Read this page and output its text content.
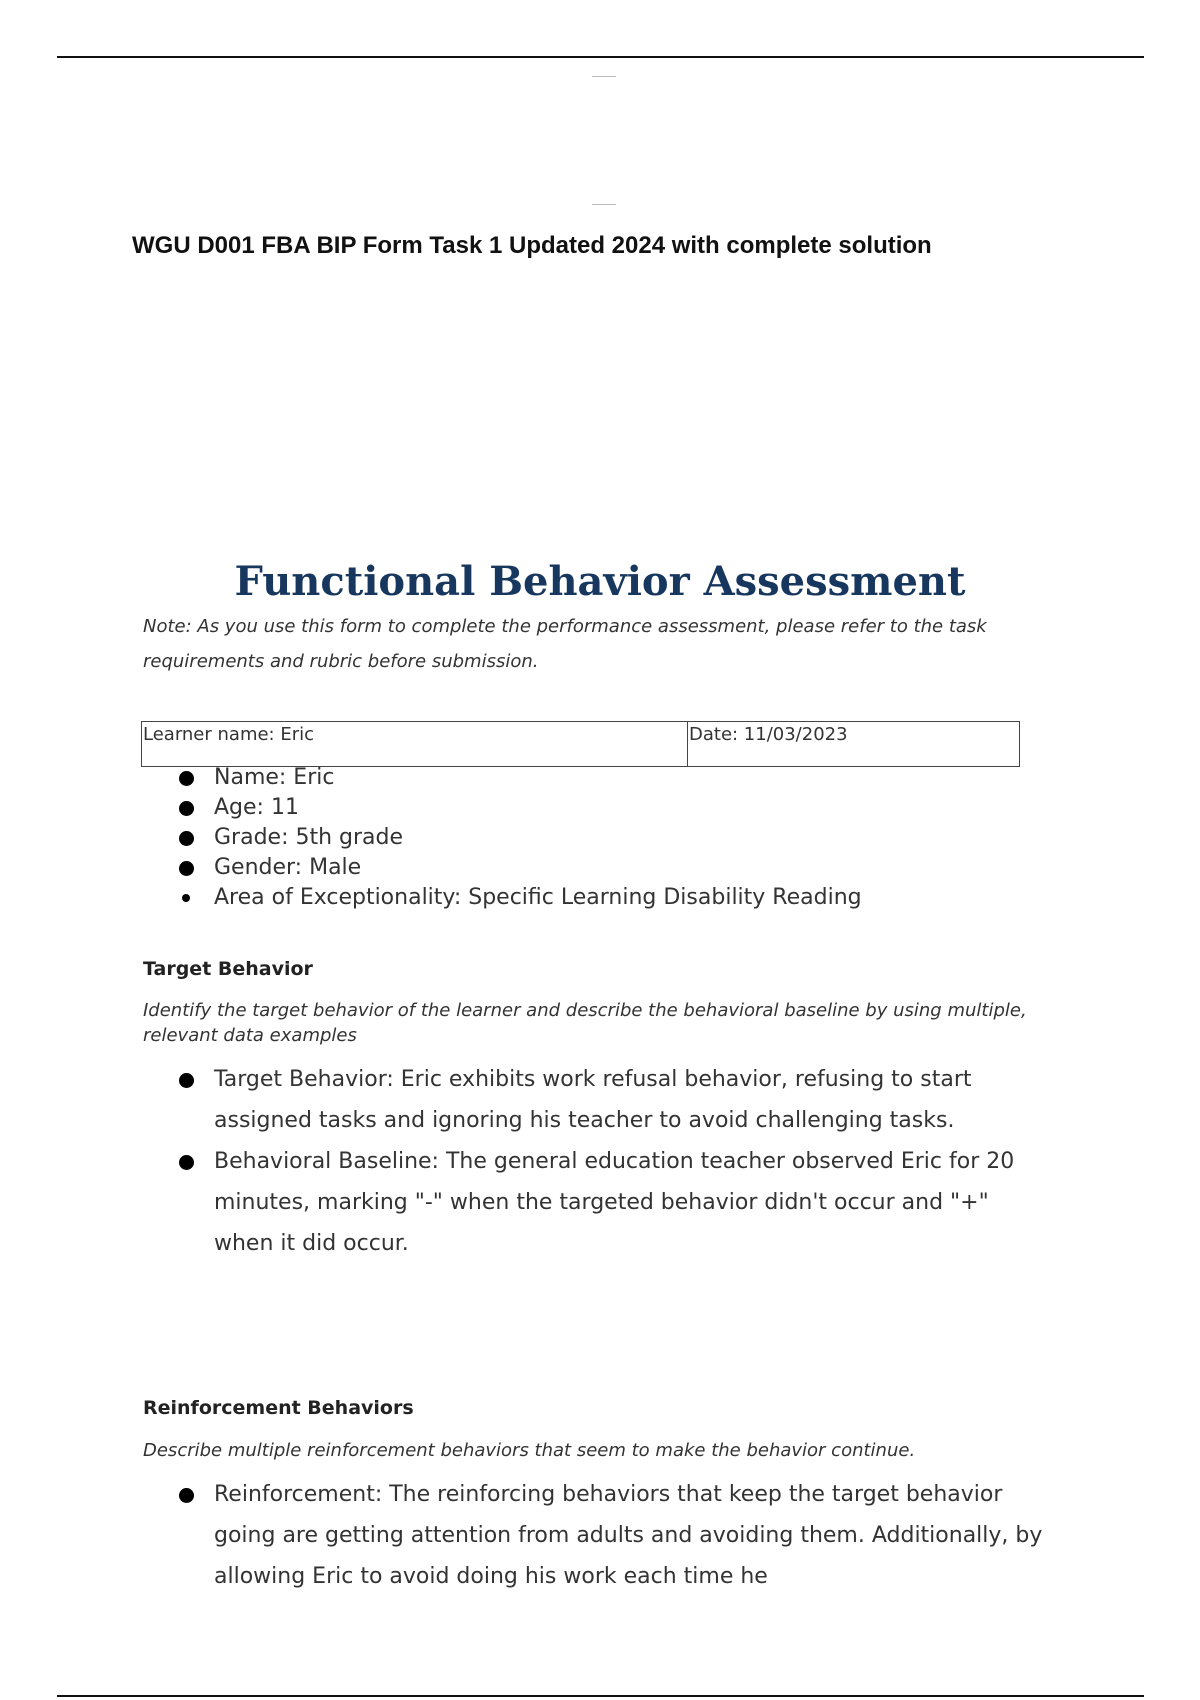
WGU D001 FBA BIP Form Task 1 Updated 2024 with complete solution
Functional Behavior Assessment

Note: As you use this form to complete the performance assessment, please refer to the task requirements and rubric before submission.

Learner name: Eric	Date: 11/03/2023
Name: Eric
Age: 11
Grade: 5th grade
Gender: Male
Area of Exceptionality: Specific Learning Disability Reading
Target Behavior

Identify the target behavior of the learner and describe the behavioral baseline by using multiple, relevant data examples

Target Behavior: Eric exhibits work refusal behavior, refusing to start assigned tasks and ignoring his teacher to avoid challenging tasks.
Behavioral Baseline: The general education teacher observed Eric for 20 minutes, marking "-" when the targeted behavior didn't occur and "+" when it did occur.
Reinforcement Behaviors

Describe multiple reinforcement behaviors that seem to make the behavior continue.

Reinforcement: The reinforcing behaviors that keep the target behavior going are getting attention from adults and avoiding them. Additionally, by allowing Eric to avoid doing his work each time he
